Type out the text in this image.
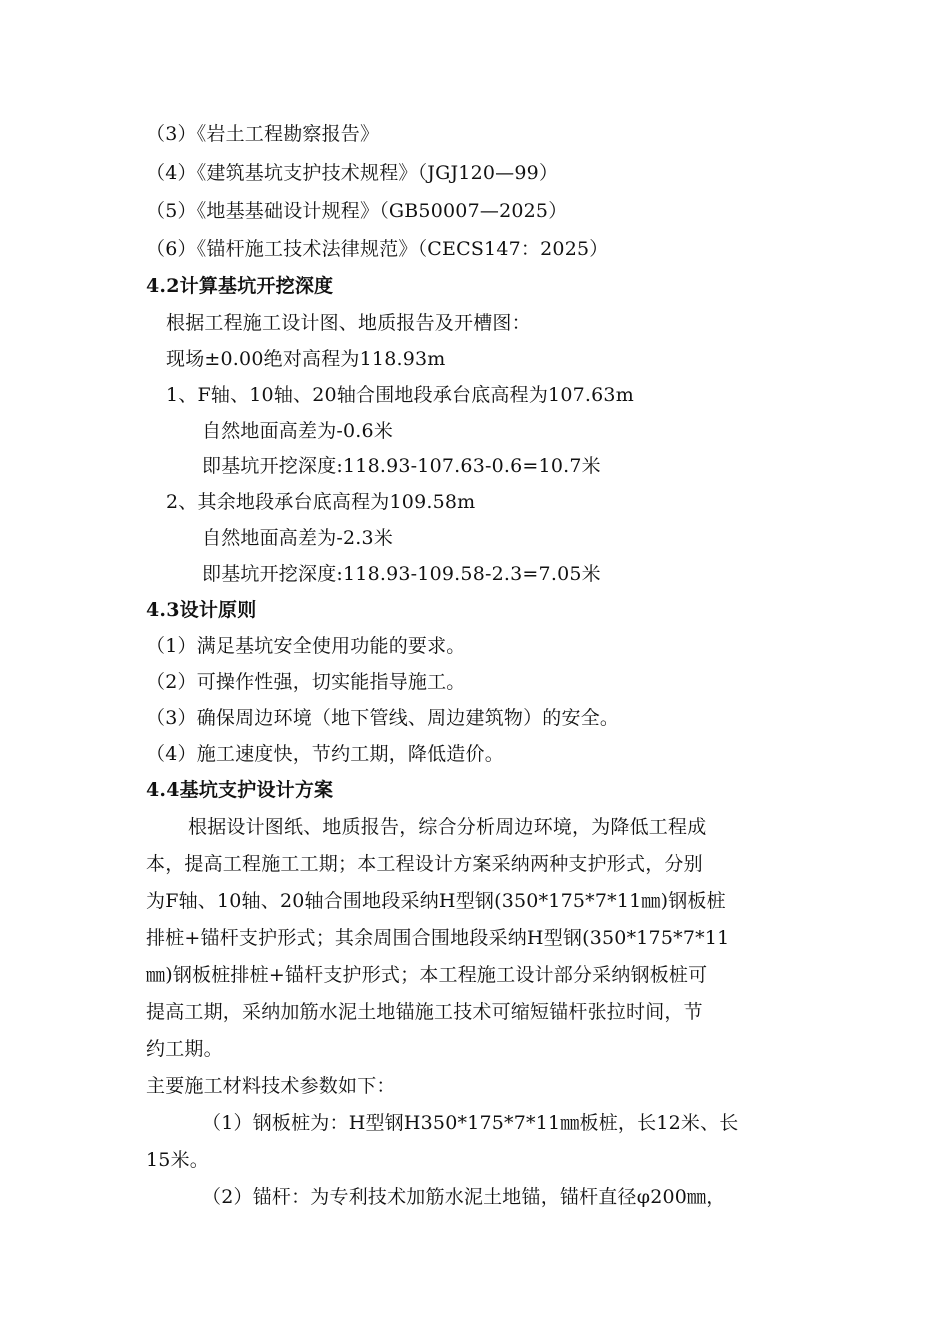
（3）《岩土工程勘察报告》
（4）《建筑基坑支护技术规程》（JGJ120—99）
（5）《地基基础设计规程》（GB50007—2025）
（6）《锚杆施工技术法律规范》（CECS147：2025）
4.2计算基坑开挖深度
根据工程施工设计图、地质报告及开槽图：
现场±0.00绝对高程为118.93m
1、F轴、10轴、20轴合围地段承台底高程为107.63m
自然地面高差为-0.6米
即基坑开挖深度:118.93-107.63-0.6=10.7米
2、其余地段承台底高程为109.58m
自然地面高差为-2.3米
即基坑开挖深度:118.93-109.58-2.3=7.05米
4.3设计原则
（1）满足基坑安全使用功能的要求。
（2）可操作性强，切实能指导施工。
（3）确保周边环境（地下管线、周边建筑物）的安全。
（4）施工速度快，节约工期，降低造价。
4.4基坑支护设计方案
根据设计图纸、地质报告，综合分析周边环境，为降低工程成
本，提高工程施工工期；本工程设计方案采纳两种支护形式，分别
为F轴、10轴、20轴合围地段采纳H型钢(350*175*7*11㎜)钢板桩
排桩+锚杆支护形式；其余周围合围地段采纳H型钢(350*175*7*11
㎜)钢板桩排桩+锚杆支护形式；本工程施工设计部分采纳钢板桩可
提高工期，采纳加筋水泥土地锚施工技术可缩短锚杆张拉时间，节
约工期。
主要施工材料技术参数如下：
（1）钢板桩为：H型钢H350*175*7*11㎜板桩，长12米、长
15米。
（2）锚杆：为专利技术加筋水泥土地锚，锚杆直径φ200㎜，
